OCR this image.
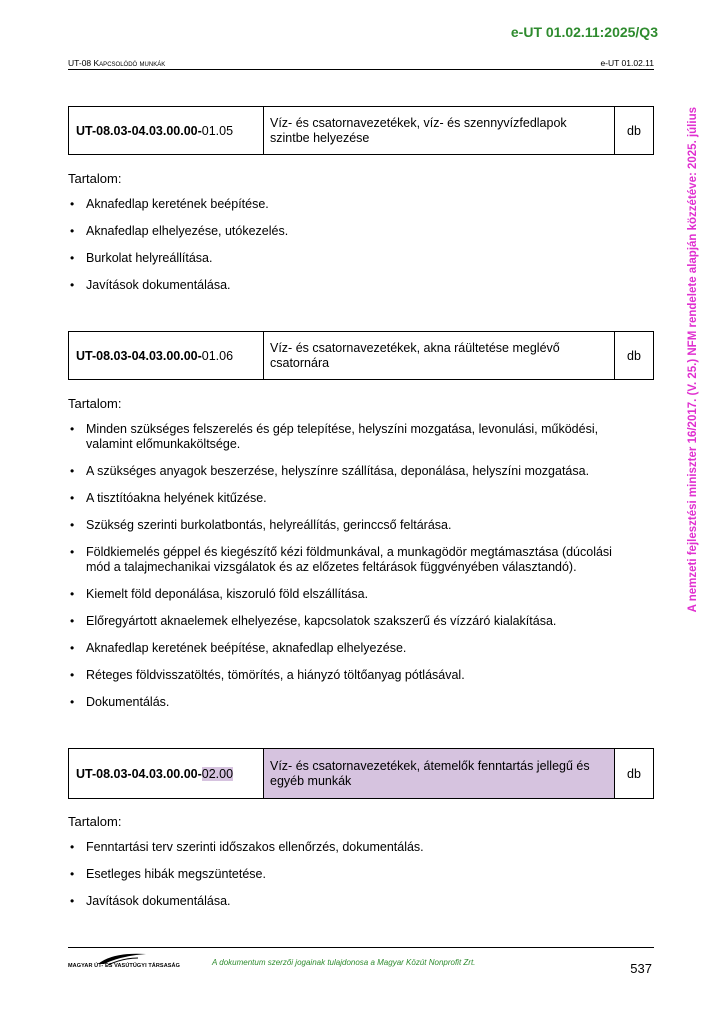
e-UT 01.02.11:2025/Q3
UT-08 Kapcsolódó munkák	e-UT 01.02.11
A nemzeti fejlesztési miniszter 16/2017. (V. 25.) NFM rendelete alapján közzétéve: 2025. július
UT-08.03-04.03.00.00-01.05	Víz- és csatornavezetékek, víz- és szennyvízfedlapok szintbe helyezése	db
Tartalom:
• Aknafedlap keretének beépítése.
• Aknafedlap elhelyezése, utókezelés.
• Burkolat helyreállítása.
• Javítások dokumentálása.
UT-08.03-04.03.00.00-01.06	Víz- és csatornavezetékek, akna ráültetése meglévő csatornára	db
Tartalom:
• Minden szükséges felszerelés és gép telepítése, helyszíni mozgatása, levonulási, működési, valamint előmunkaköltsége.
• A szükséges anyagok beszerzése, helyszínre szállítása, deponálása, helyszíni mozgatása.
• A tisztítóakna helyének kitűzése.
• Szükség szerinti burkolatbontás, helyreállítás, gerinccső feltárása.
• Földkiemelés géppel és kiegészítő kézi földmunkával, a munkagödör megtámasztása (dúcolási mód a talajmechanikai vizsgálatok és az előzetes feltárások függvényében választandó).
• Kiemelt föld deponálása, kiszoruló föld elszállítása.
• Előregyártott aknaelemek elhelyezése, kapcsolatok szakszerű és vízzáró kialakítása.
• Aknafedlap keretének beépítése, aknafedlap elhelyezése.
• Réteges földvisszatöltés, tömörítés, a hiányzó töltőanyag pótlásával.
• Dokumentálás.
UT-08.03-04.03.00.00-02.00	Víz- és csatornavezetékek, átemelők fenntartás jellegű és egyéb munkák	db
Tartalom:
• Fenntartási terv szerinti időszakos ellenőrzés, dokumentálás.
• Esetleges hibák megszüntetése.
• Javítások dokumentálása.
MAGYAR ÚT- ÉS VASÚTÜGYI TÁRSASÁG	A dokumentum szerzői jogainak tulajdonosa a Magyar Közút Nonprofit Zrt.	537
